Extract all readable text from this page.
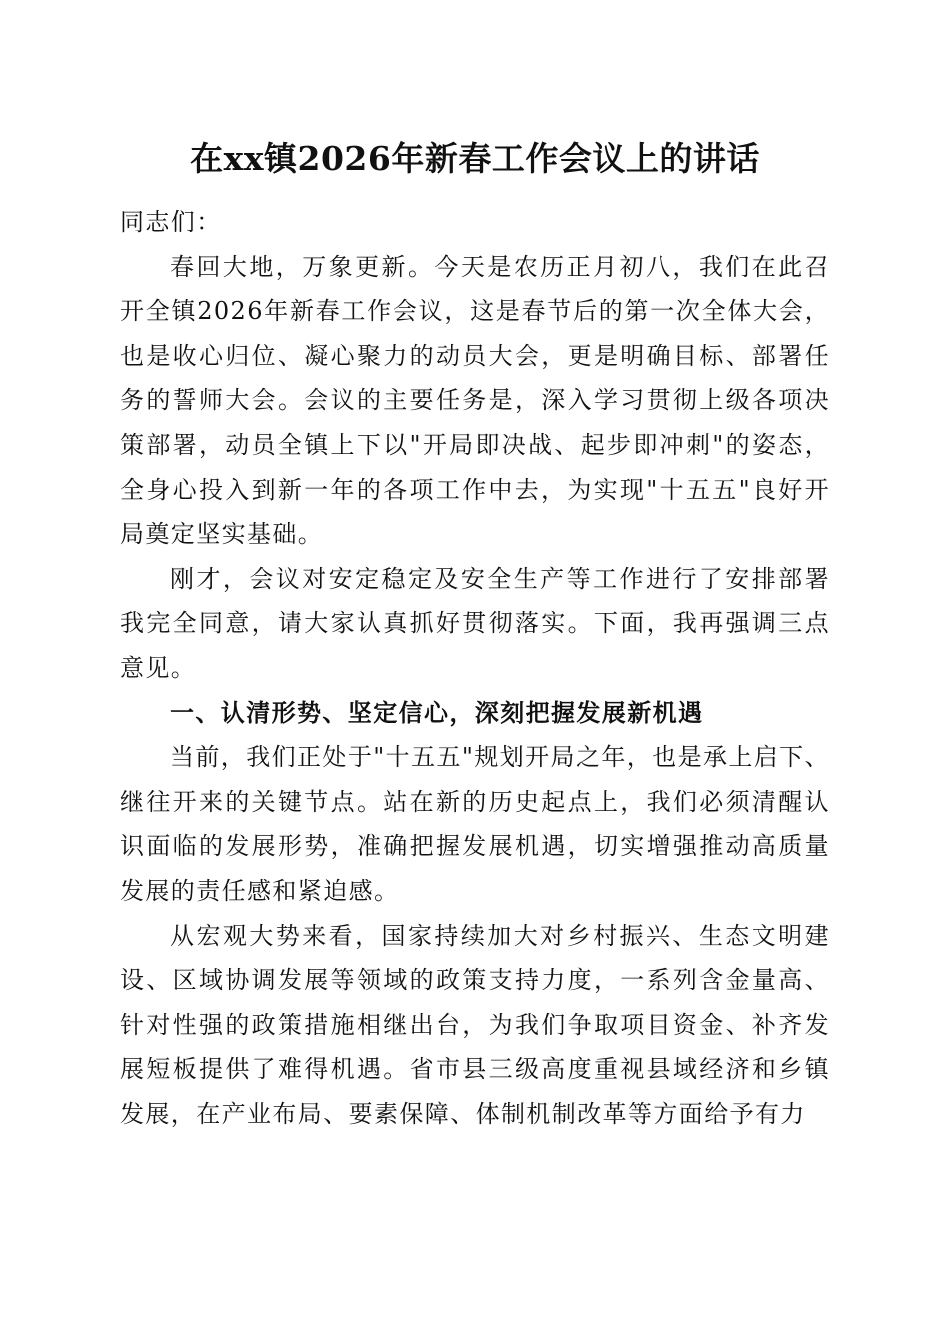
在xx镇2026年新春工作会议上的讲话

同志们：

春回大地，万象更新。今天是农历正月初八，我们在此召开全镇2026年新春工作会议，这是春节后的第一次全体大会，也是收心归位、凝心聚力的动员大会，更是明确目标、部署任务的誓师大会。会议的主要任务是，深入学习贯彻上级各项决策部署，动员全镇上下以"开局即决战、起步即冲刺"的姿态，全身心投入到新一年的各项工作中去，为实现"十五五"良好开局奠定坚实基础。

刚才，会议对安定稳定及安全生产等工作进行了安排部署我完全同意，请大家认真抓好贯彻落实。下面，我再强调三点意见。

一、认清形势、坚定信心，深刻把握发展新机遇

当前，我们正处于"十五五"规划开局之年，也是承上启下、继往开来的关键节点。站在新的历史起点上，我们必须清醒认识面临的发展形势，准确把握发展机遇，切实增强推动高质量发展的责任感和紧迫感。

从宏观大势来看，国家持续加大对乡村振兴、生态文明建设、区域协调发展等领域的政策支持力度，一系列含金量高、针对性强的政策措施相继出台，为我们争取项目资金、补齐发展短板提供了难得机遇。省市县三级高度重视县域经济和乡镇发展，在产业布局、要素保障、体制机制改革等方面给予有力
